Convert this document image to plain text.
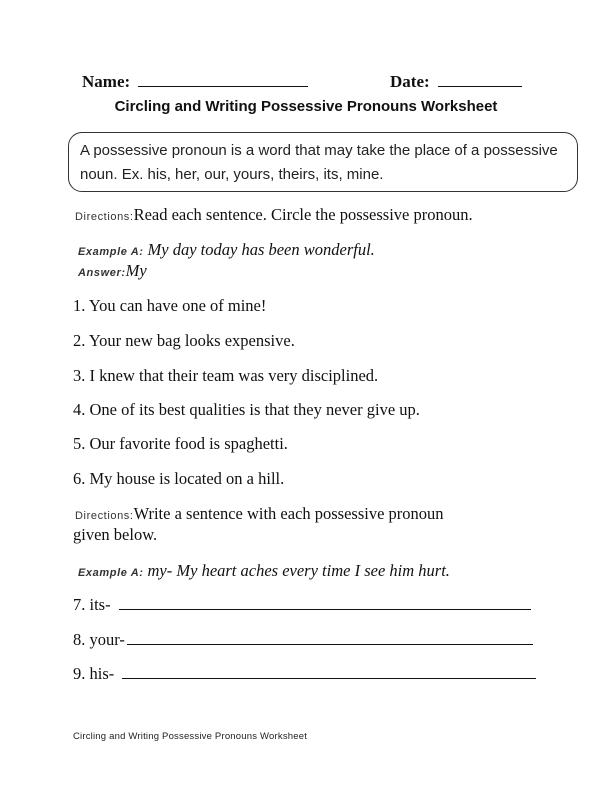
Name:	Date:
Circling and Writing Possessive Pronouns Worksheet
A possessive pronoun is a word that may take the place of a possessive noun. Ex. his, her, our, yours, theirs, its, mine.
Directions:Read each sentence. Circle the possessive pronoun.
Example A: My day today has been wonderful.
Answer:My
1. You can have one of mine!
2. Your new bag looks expensive.
3. I knew that their team was very disciplined.
4. One of its best qualities is that they never give up.
5. Our favorite food is spaghetti.
6. My house is located on a hill.
Directions:Write a sentence with each possessive pronoun
given below.
Example A: my- My heart aches every time I see him hurt.
7. its-
8. your-
9. his-
Circling and Writing Possessive Pronouns Worksheet
